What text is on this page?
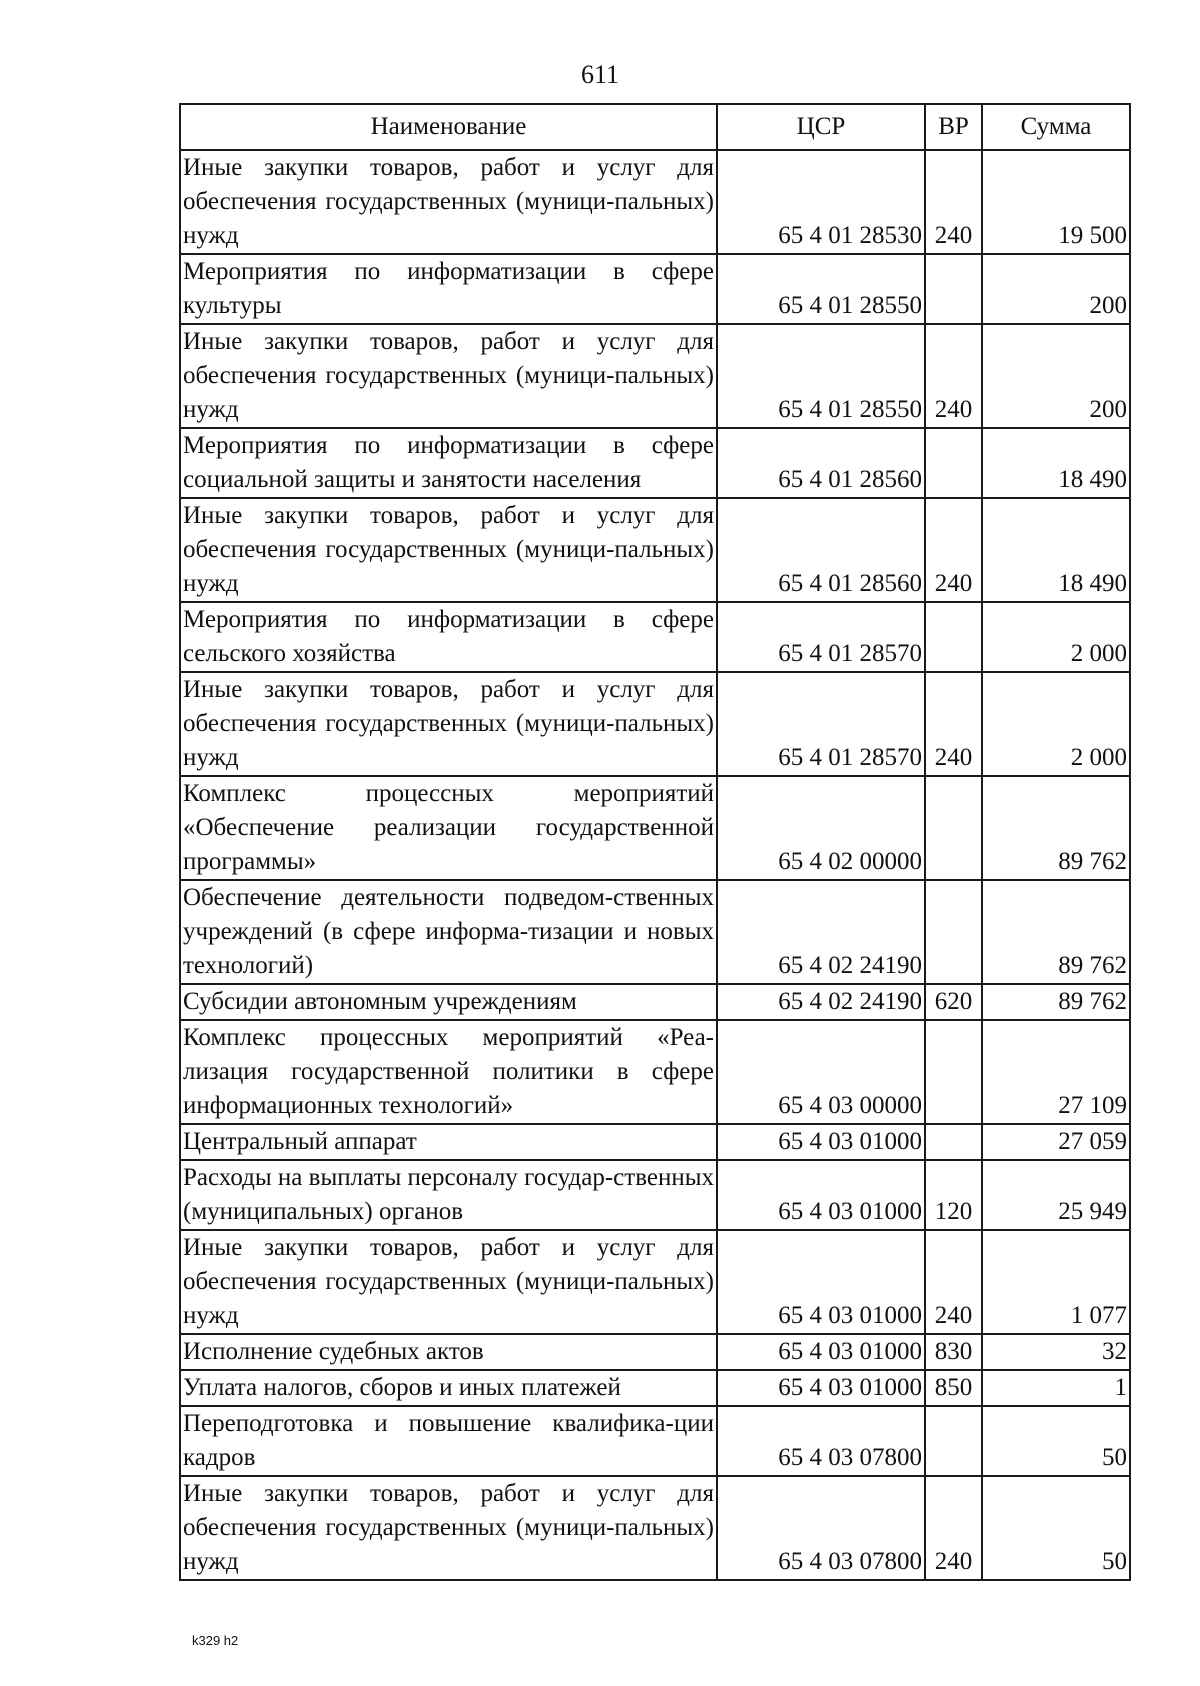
611
Наименование	ЦСР	ВР	Сумма
Иные закупки товаров, работ и услуг для обеспечения государственных (муници-пальных) нужд	65 4 01 28530	240	19 500
Мероприятия по информатизации в сфере культуры	65 4 01 28550		200
Иные закупки товаров, работ и услуг для обеспечения государственных (муници-пальных) нужд	65 4 01 28550	240	200
Мероприятия по информатизации в сфере социальной защиты и занятости населения	65 4 01 28560		18 490
Иные закупки товаров, работ и услуг для обеспечения государственных (муници-пальных) нужд	65 4 01 28560	240	18 490
Мероприятия по информатизации в сфере сельского хозяйства	65 4 01 28570		2 000
Иные закупки товаров, работ и услуг для обеспечения государственных (муници-пальных) нужд	65 4 01 28570	240	2 000
Комплекс процессных мероприятий «Обеспечение реализации государственной программы»	65 4 02 00000		89 762
Обеспечение деятельности подведом-ственных учреждений (в сфере информа-тизации и новых технологий)	65 4 02 24190		89 762
Субсидии автономным учреждениям	65 4 02 24190	620	89 762
Комплекс процессных мероприятий «Реа-лизация государственной политики в сфере информационных технологий»	65 4 03 00000		27 109
Центральный аппарат	65 4 03 01000		27 059
Расходы на выплаты персоналу государ-ственных (муниципальных) органов	65 4 03 01000	120	25 949
Иные закупки товаров, работ и услуг для обеспечения государственных (муници-пальных) нужд	65 4 03 01000	240	1 077
Исполнение судебных актов	65 4 03 01000	830	32
Уплата налогов, сборов и иных платежей	65 4 03 01000	850	1
Переподготовка и повышение квалифика-ции кадров	65 4 03 07800		50
Иные закупки товаров, работ и услуг для обеспечения государственных (муници-пальных) нужд	65 4 03 07800	240	50
k329 h2
